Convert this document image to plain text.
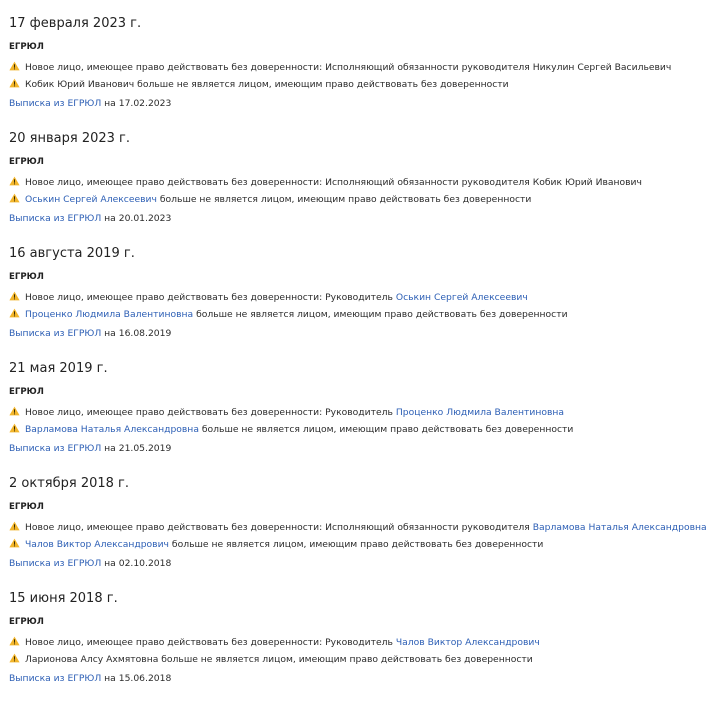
17 февраля 2023 г.
ЕГРЮЛ
Новое лицо, имеющее право действовать без доверенности: Исполняющий обязанности руководителя Никулин Сергей Васильевич
Кобик Юрий Иванович больше не является лицом, имеющим право действовать без доверенности
Выписка из ЕГРЮЛ на 17.02.2023
20 января 2023 г.
ЕГРЮЛ
Новое лицо, имеющее право действовать без доверенности: Исполняющий обязанности руководителя Кобик Юрий Иванович
Оськин Сергей Алексеевич больше не является лицом, имеющим право действовать без доверенности
Выписка из ЕГРЮЛ на 20.01.2023
16 августа 2019 г.
ЕГРЮЛ
Новое лицо, имеющее право действовать без доверенности: Руководитель Оськин Сергей Алексеевич
Проценко Людмила Валентиновна больше не является лицом, имеющим право действовать без доверенности
Выписка из ЕГРЮЛ на 16.08.2019
21 мая 2019 г.
ЕГРЮЛ
Новое лицо, имеющее право действовать без доверенности: Руководитель Проценко Людмила Валентиновна
Варламова Наталья Александровна больше не является лицом, имеющим право действовать без доверенности
Выписка из ЕГРЮЛ на 21.05.2019
2 октября 2018 г.
ЕГРЮЛ
Новое лицо, имеющее право действовать без доверенности: Исполняющий обязанности руководителя Варламова Наталья Александровна
Чалов Виктор Александрович больше не является лицом, имеющим право действовать без доверенности
Выписка из ЕГРЮЛ на 02.10.2018
15 июня 2018 г.
ЕГРЮЛ
Новое лицо, имеющее право действовать без доверенности: Руководитель Чалов Виктор Александрович
Ларионова Алсу Ахмятовна больше не является лицом, имеющим право действовать без доверенности
Выписка из ЕГРЮЛ на 15.06.2018
